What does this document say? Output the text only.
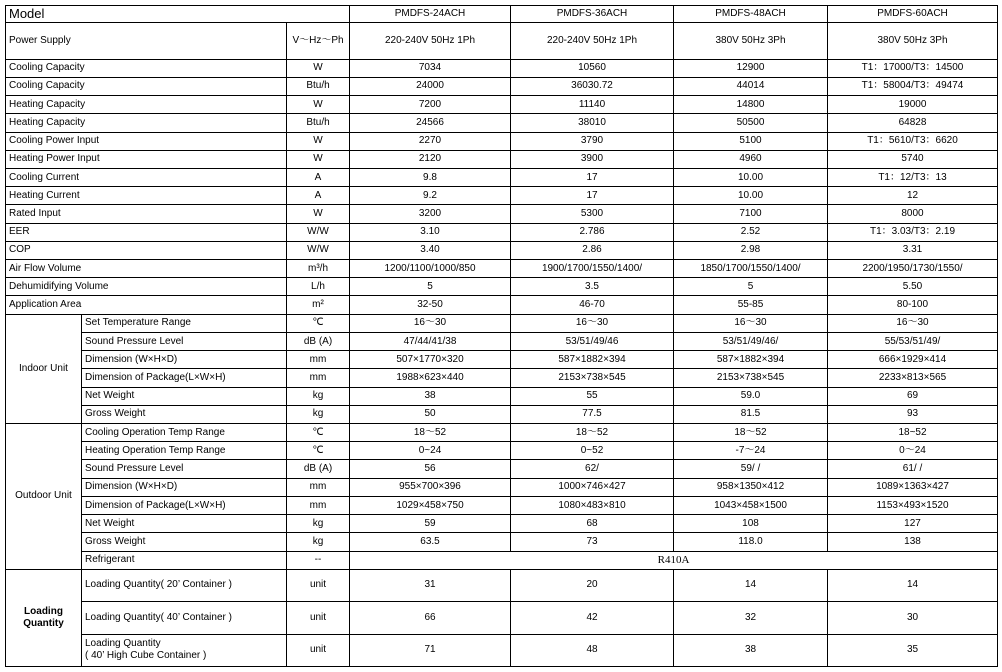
Model			PMDFS-24ACH	PMDFS-36ACH	PMDFS-48ACH	PMDFS-60ACH
Power Supply		V～Hz～Ph	220-240V 50Hz 1Ph	220-240V 50Hz 1Ph	380V 50Hz 3Ph	380V 50Hz 3Ph
Cooling Capacity		W	7034	10560	12900	T1：17000/T3：14500
Cooling Capacity		Btu/h	24000	36030.72	44014	T1：58004/T3：49474
Heating Capacity		W	7200	11140	14800	19000
Heating Capacity		Btu/h	24566	38010	50500	64828
Cooling Power Input		W	2270	3790	5100	T1：5610/T3：6620
Heating Power Input		W	2120	3900	4960	5740
Cooling Current		A	9.8	17	10.00	T1：12/T3：13
Heating Current		A	9.2	17	10.00	12
Rated Input		W	3200	5300	7100	8000
EER		W/W	3.10	2.786	2.52	T1：3.03/T3：2.19
COP		W/W	3.40	2.86	2.98	3.31
Air Flow Volume		m³/h	1200/1100/1000/850	1900/1700/1550/1400/	1850/1700/1550/1400/	2200/1950/1730/1550/
Dehumidifying Volume		L/h	5	3.5	5	5.50
Application Area		m²	32-50	46-70	55-85	80-100
Indoor Unit	Set Temperature Range	℃	16～30	16～30	16～30	16～30
	Sound Pressure Level	dB (A)	47/44/41/38	53/51/49/46	53/51/49/46/	55/53/51/49/
	Dimension (W×H×D)	mm	507×1770×320	587×1882×394	587×1882×394	666×1929×414
	Dimension of Package(L×W×H)	mm	1988×623×440	2153×738×545	2153×738×545	2233×813×565
	Net Weight	kg	38	55	59.0	69
	Gross Weight	kg	50	77.5	81.5	93
Outdoor Unit	Cooling Operation Temp Range	℃	18～52	18～52	18～52	18~52
	Heating Operation Temp Range	℃	0~24	0~52	-7～24	0～24
	Sound Pressure Level	dB (A)	56	62/	59/ /	61/ /
	Dimension (W×H×D)	mm	955×700×396	1000×746×427	958×1350×412	1089×1363×427
	Dimension of Package(L×W×H)	mm	1029×458×750	1080×483×810	1043×458×1500	1153×493×1520
	Net Weight	kg	59	68	108	127
	Gross Weight	kg	63.5	73	118.0	138
	Refrigerant	--	R410A			

Loading
Quantity	Loading Quantity( 20’ Container )	unit	31	20	14	14
	Loading Quantity( 40’ Container )	unit	66	42	32	30

	Loading Quantity
( 40’ High Cube Container )	unit	71	48	38	35
